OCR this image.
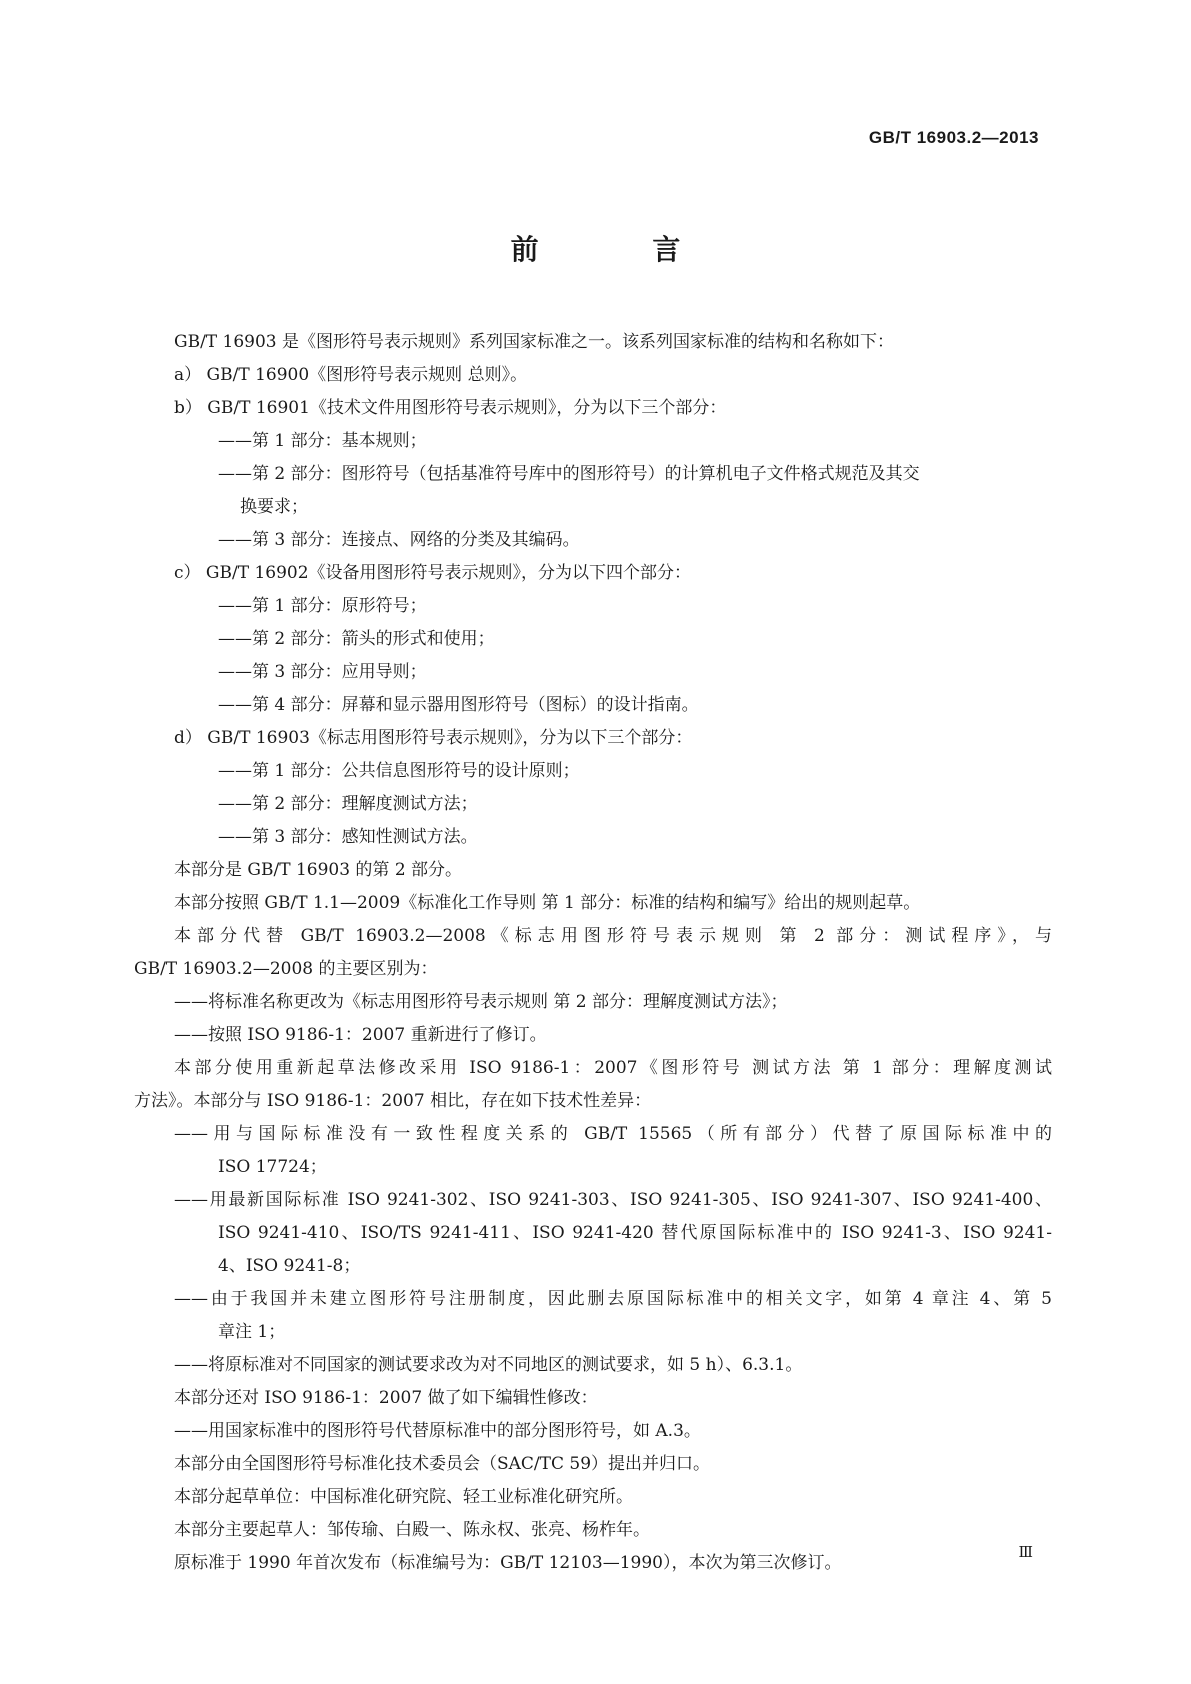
GB/T 16903.2—2013
前 言
GB/T 16903 是《图形符号表示规则》系列国家标准之一。该系列国家标准的结构和名称如下：
a） GB/T 16900《图形符号表示规则 总则》。
b） GB/T 16901《技术文件用图形符号表示规则》，分为以下三个部分：
——第 1 部分：基本规则；
——第 2 部分：图形符号（包括基准符号库中的图形符号）的计算机电子文件格式规范及其交
换要求；
——第 3 部分：连接点、网络的分类及其编码。
c） GB/T 16902《设备用图形符号表示规则》，分为以下四个部分：
——第 1 部分：原形符号；
——第 2 部分：箭头的形式和使用；
——第 3 部分：应用导则；
——第 4 部分：屏幕和显示器用图形符号（图标）的设计指南。
d） GB/T 16903《标志用图形符号表示规则》，分为以下三个部分：
——第 1 部分：公共信息图形符号的设计原则；
——第 2 部分：理解度测试方法；
——第 3 部分：感知性测试方法。
本部分是 GB/T 16903 的第 2 部分。
本部分按照 GB/T 1.1—2009《标准化工作导则 第 1 部分：标准的结构和编写》给出的规则起草。
本部分代替 GB/T 16903.2—2008《标志用图形符号表示规则 第 2 部分：测试程序》，与
GB/T 16903.2—2008 的主要区别为：
——将标准名称更改为《标志用图形符号表示规则 第 2 部分：理解度测试方法》；
——按照 ISO 9186-1：2007 重新进行了修订。
本部分使用重新起草法修改采用 ISO 9186-1：2007《图形符号 测试方法 第 1 部分：理解度测试
方法》。本部分与 ISO 9186-1：2007 相比，存在如下技术性差异：
——用与国际标准没有一致性程度关系的 GB/T 15565（所有部分）代替了原国际标准中的
ISO 17724；
——用最新国际标准 ISO 9241-302、ISO 9241-303、ISO 9241-305、ISO 9241-307、ISO 9241-400、
ISO 9241-410、ISO/TS 9241-411、ISO 9241-420 替代原国际标准中的 ISO 9241-3、ISO 9241-
4、ISO 9241-8；
——由于我国并未建立图形符号注册制度，因此删去原国际标准中的相关文字，如第 4 章注 4、第 5
章注 1；
——将原标准对不同国家的测试要求改为对不同地区的测试要求，如 5 h）、6.3.1。
本部分还对 ISO 9186-1：2007 做了如下编辑性修改：
——用国家标准中的图形符号代替原标准中的部分图形符号，如 A.3。
本部分由全国图形符号标准化技术委员会（SAC/TC 59）提出并归口。
本部分起草单位：中国标准化研究院、轻工业标准化研究所。
本部分主要起草人：邹传瑜、白殿一、陈永权、张亮、杨柞年。
原标准于 1990 年首次发布（标准编号为：GB/T 12103—1990），本次为第三次修订。
Ⅲ
